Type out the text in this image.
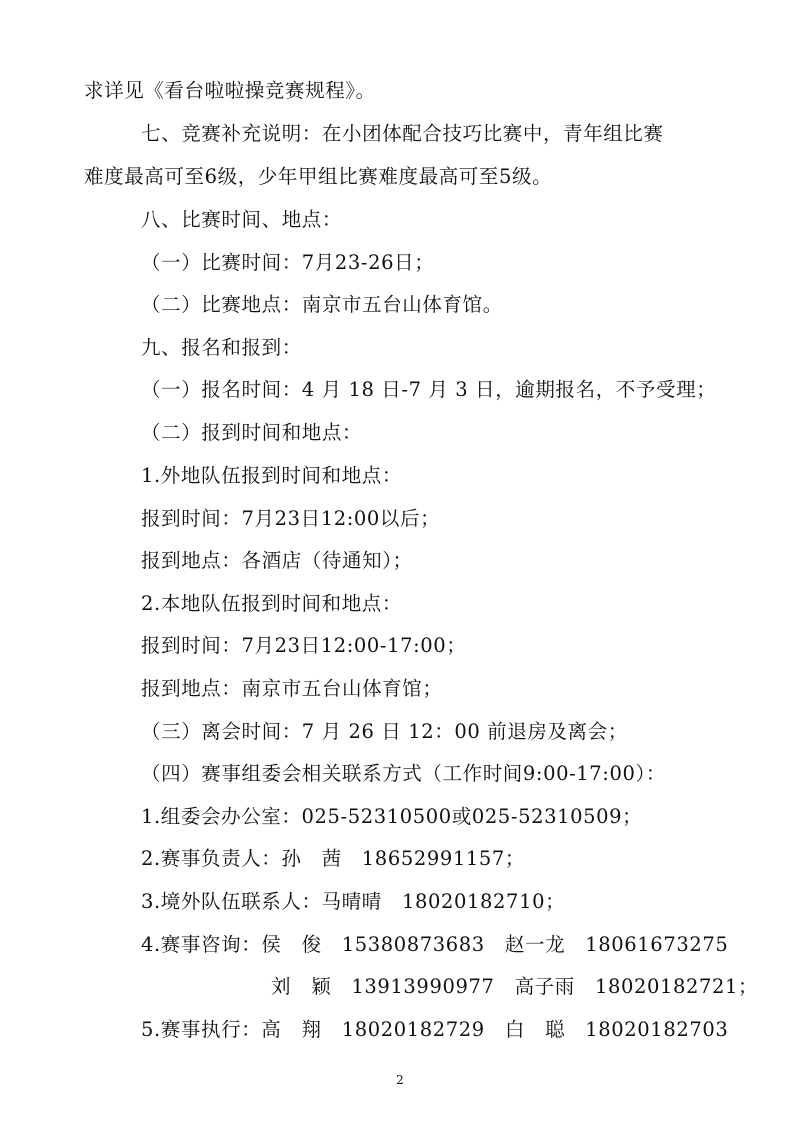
求详见《看台啦啦操竞赛规程》。
七、竞赛补充说明：在小团体配合技巧比赛中，青年组比赛
难度最高可至6级，少年甲组比赛难度最高可至5级。
八、比赛时间、地点：
（一）比赛时间：7月23-26日；
（二）比赛地点：南京市五台山体育馆。
九、报名和报到：
（一）报名时间：4 月 18 日-7 月 3 日，逾期报名，不予受理；
（二）报到时间和地点：
1.外地队伍报到时间和地点：
报到时间：7月23日12:00以后；
报到地点：各酒店（待通知）；
2.本地队伍报到时间和地点：
报到时间：7月23日12:00-17:00；
报到地点：南京市五台山体育馆；
（三）离会时间：7 月 26 日 12：00 前退房及离会；
（四）赛事组委会相关联系方式（工作时间9:00-17:00）：
1.组委会办公室：025-52310500或025-52310509；
2.赛事负责人：孙　茜　18652991157；
3.境外队伍联系人：马晴晴　18020182710；
4.赛事咨询：侯　俊　15380873683　赵一龙　18061673275
刘　颖　13913990977　高子雨　18020182721；
5.赛事执行：高　翔　18020182729　白　聪　18020182703
2
